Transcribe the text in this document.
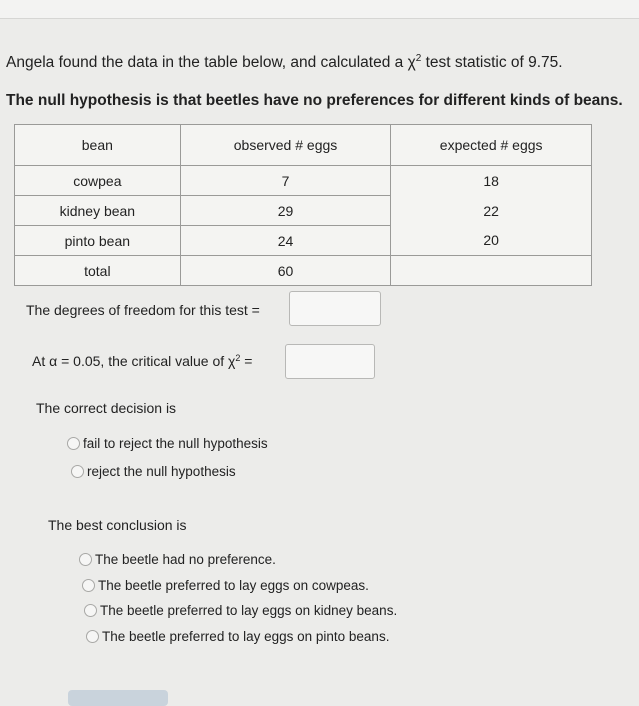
Angela found the data in the table below, and calculated a $\chi^2$ test statistic of 9.75.
The null hypothesis is that beetles have no preferences for different kinds of beans.
bean	observed # eggs	expected # eggs
cowpea	7	18
kidney bean	29	22
pinto bean	24	20
total	60	
The degrees of freedom for this test =
At α = 0.05, the critical value of $\chi^2$ =
The correct decision is
fail to reject the null hypothesis
reject the null hypothesis
The best conclusion is
The beetle had no preference.
The beetle preferred to lay eggs on cowpeas.
The beetle preferred to lay eggs on kidney beans.
The beetle preferred to lay eggs on pinto beans.
